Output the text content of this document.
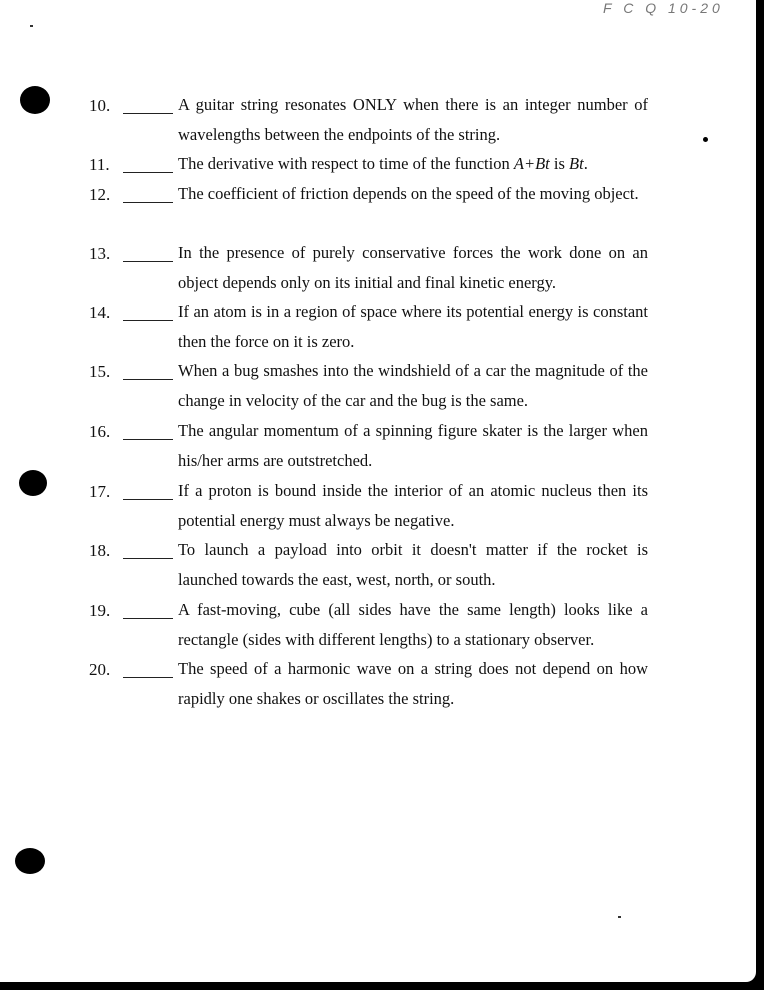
F C Q 10-20
10.	A guitar string resonates ONLY when there is an integer number of wavelengths between the endpoints of the string.
11.	The derivative with respect to time of the function A+Bt is Bt.
12.	The coefficient of friction depends on the speed of the moving object.
13.	In the presence of purely conservative forces the work done on an object depends only on its initial and final kinetic energy.
14.	If an atom is in a region of space where its potential energy is constant then the force on it is zero.
15.	When a bug smashes into the windshield of a car the magnitude of the change in velocity of the car and the bug is the same.
16.	The angular momentum of a spinning figure skater is the larger when his/her arms are outstretched.
17.	If a proton is bound inside the interior of an atomic nucleus then its potential energy must always be negative.
18.	To launch a payload into orbit it doesn't matter if the rocket is launched towards the east, west, north, or south.
19.	A fast-moving, cube (all sides have the same length) looks like a rectangle (sides with different lengths) to a stationary observer.
20.	The speed of a harmonic wave on a string does not depend on how rapidly one shakes or oscillates the string.
